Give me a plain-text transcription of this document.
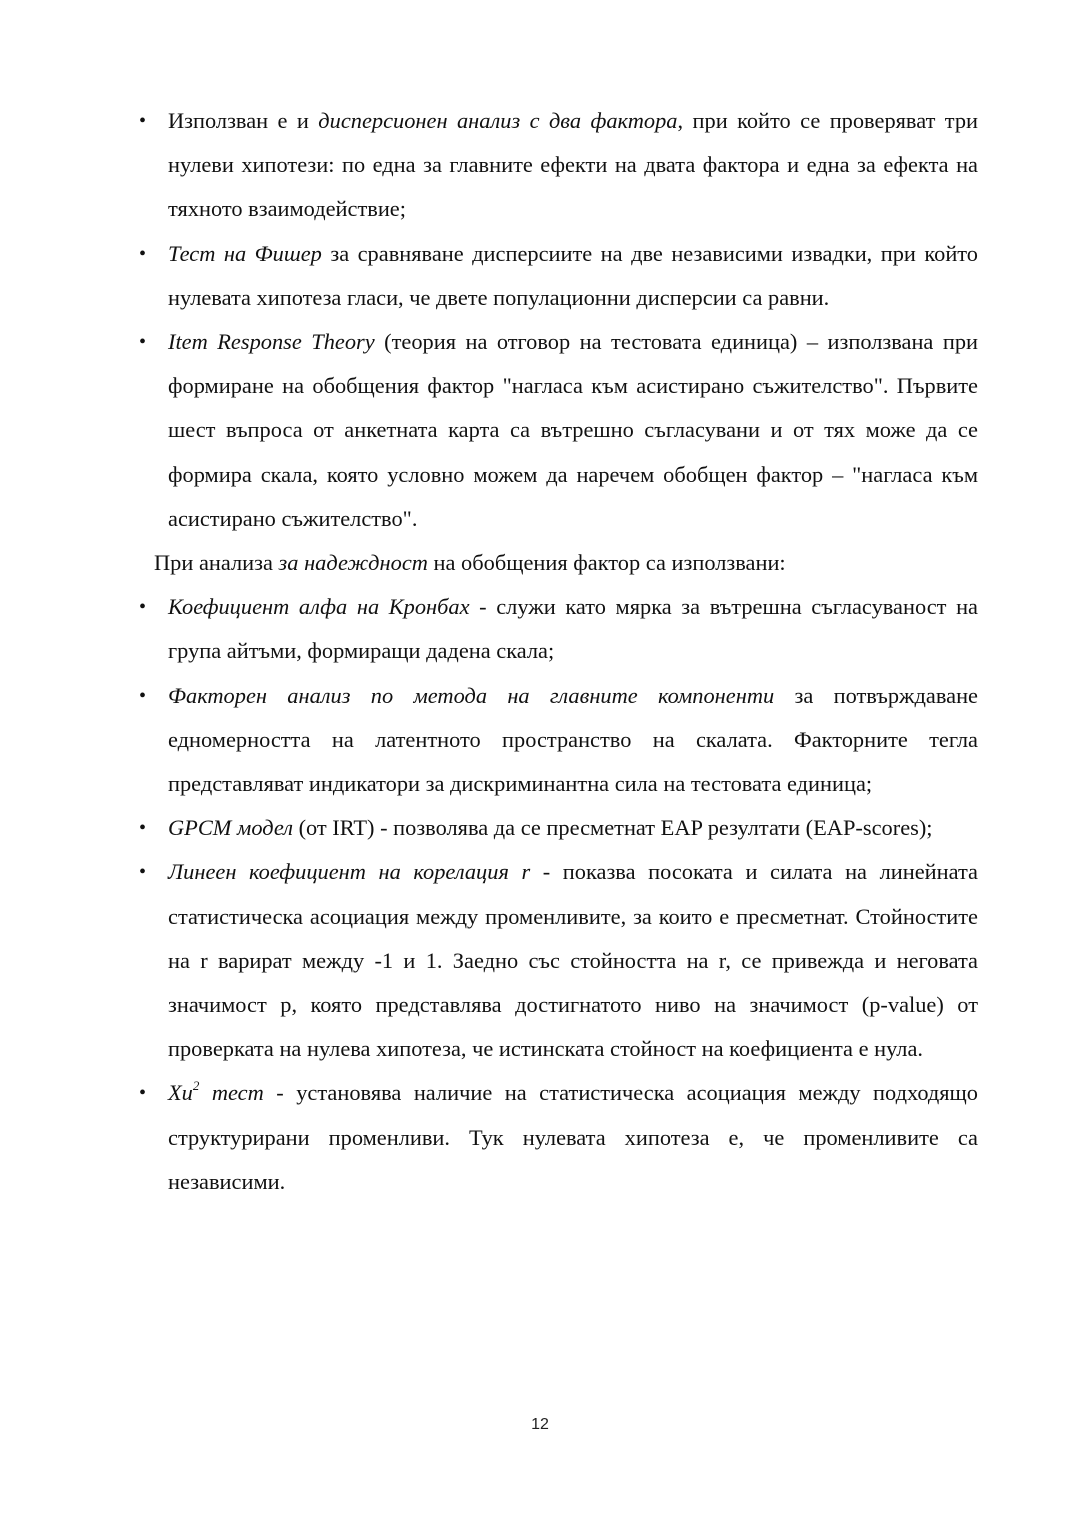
• Използван е и дисперсионен анализ с два фактора, при който се проверяват три нулеви хипотези: по една за главните ефекти на двата фактора и една за ефекта на тяхното взаимодействие;
• Тест на Фишер за сравняване дисперсиите на две независими извадки, при който нулевата хипотеза гласи, че двете популационни дисперсии са равни.
• Item Response Theory (теория на отговор на тестовата единица) – използвана при формиране на обобщения фактор "нагласа към асистирано съжителство". Първите шест въпроса от анкетната карта са вътрешно съгласувани и от тях може да се формира скала, която условно можем да наречем обобщен фактор – "нагласа към асистирано съжителство".
При анализа за надеждност на обобщения фактор са използвани:
• Коефициент алфа на Кронбах - служи като мярка за вътрешна съгласуваност на група айтъми, формиращи дадена скала;
• Факторен анализ по метода на главните компоненти за потвърждаване едномерността на латентното пространство на скалата. Факторните тегла представляват индикатори за дискриминантна сила на тестовата единица;
• GPCM модел (от IRT) - позволява да се пресметнат EAP резултати (EAP-scores);
• Линеен коефициент на корелация r - показва посоката и силата на линейната статистическа асоциация между променливите, за които е пресметнат. Стойностите на r варират между -1 и 1. Заедно със стойността на r, се привежда и неговата значимост p, която представлява достигнатото ниво на значимост (p-value) от проверката на нулева хипотеза, че истинската стойност на коефициента е нула.
• $Хи^2$ тест - установява наличие на статистическа асоциация между подходящо структурирани променливи. Тук нулевата хипотеза е, че променливите са независими.
12
